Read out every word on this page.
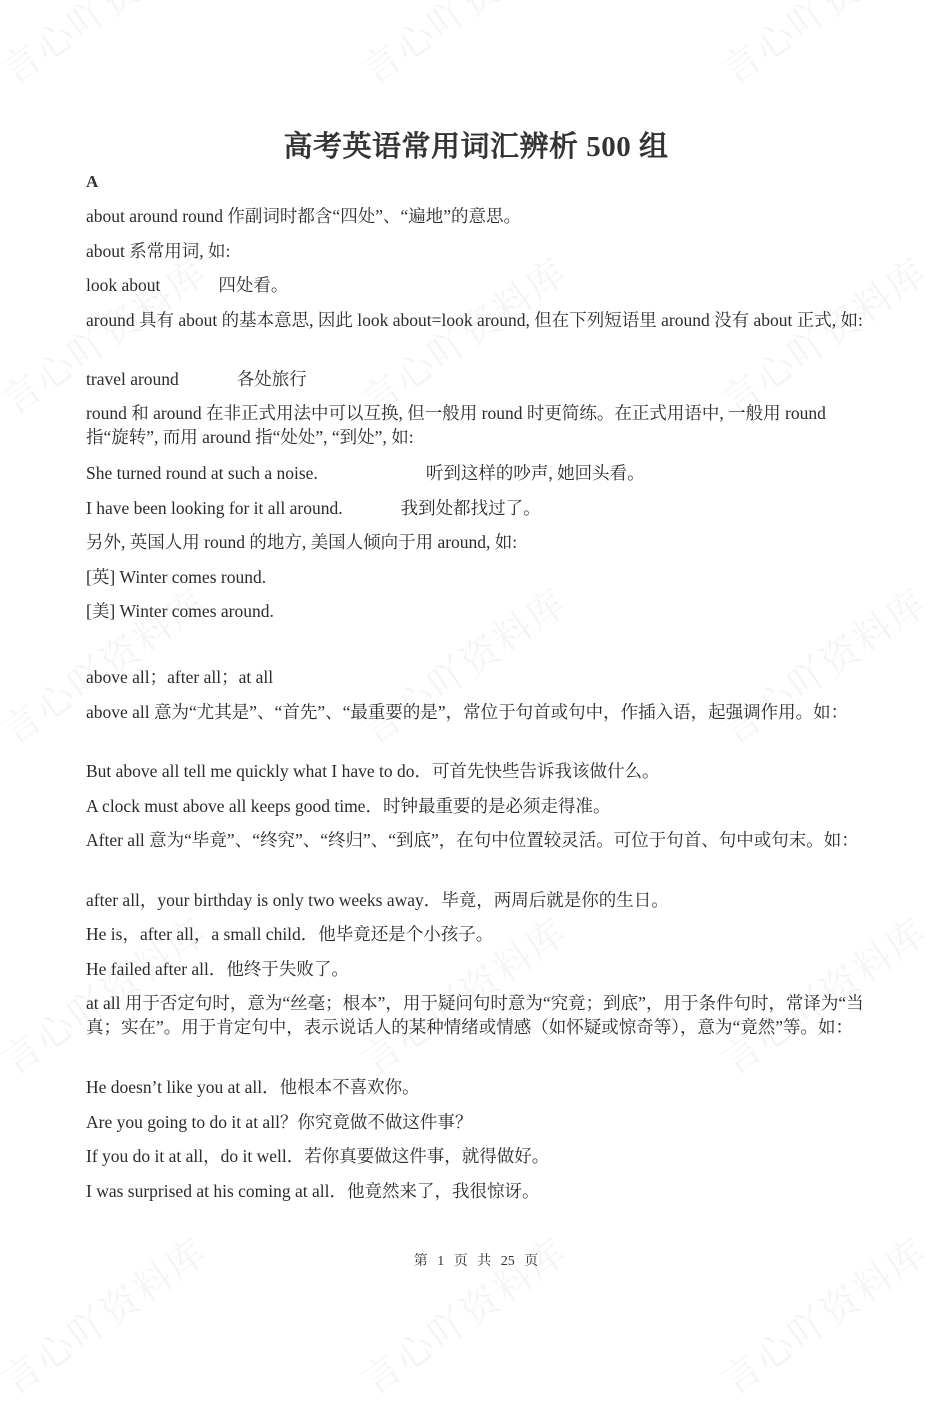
高考英语常用词汇辨析 500 组
A
about around round 作副词时都含“四处”、“遍地”的意思。
about 系常用词, 如:
look about	四处看。
around 具有 about 的基本意思, 因此 look about=look around, 但在下列短语里 around 没有 about 正式, 如:
travel around	各处旅行
round 和 around 在非正式用法中可以互换, 但一般用 round 时更简练。在正式用语中, 一般用 round 指“旋转”, 而用 around 指“处处”, “到处”, 如:
She turned round at such a noise.	听到这样的吵声, 她回头看。
I have been looking for it all around.	我到处都找过了。
另外, 英国人用 round 的地方, 美国人倾向于用 around, 如:
[英] Winter comes round.
[美] Winter comes around.
above all；after all；at all
above all 意为“尤其是”、“首先”、“最重要的是”，常位于句首或句中，作插入语，起强调作用。如：
But above all tell me quickly what I have to do．可首先快些告诉我该做什么。
A clock must above all keeps good time．时钟最重要的是必须走得准。
After all 意为“毕竟”、“终究”、“终归”、“到底”，在句中位置较灵活。可位于句首、句中或句末。如：
after all，your birthday is only two weeks away．毕竟，两周后就是你的生日。
He is，after all，a small child．他毕竟还是个小孩子。
He failed after all．他终于失败了。
at all 用于否定句时，意为“丝毫；根本”，用于疑问句时意为“究竟；到底”，用于条件句时，常译为“当真；实在”。用于肯定句中，表示说话人的某种情绪或情感（如怀疑或惊奇等），意为“竟然”等。如：
He doesn’t like you at all．他根本不喜欢你。
Are you going to do it at all？你究竟做不做这件事？
If you do it at all，do it well．若你真要做这件事，就得做好。
I was surprised at his coming at all．他竟然来了，我很惊讶。
第 1 页 共 25 页
